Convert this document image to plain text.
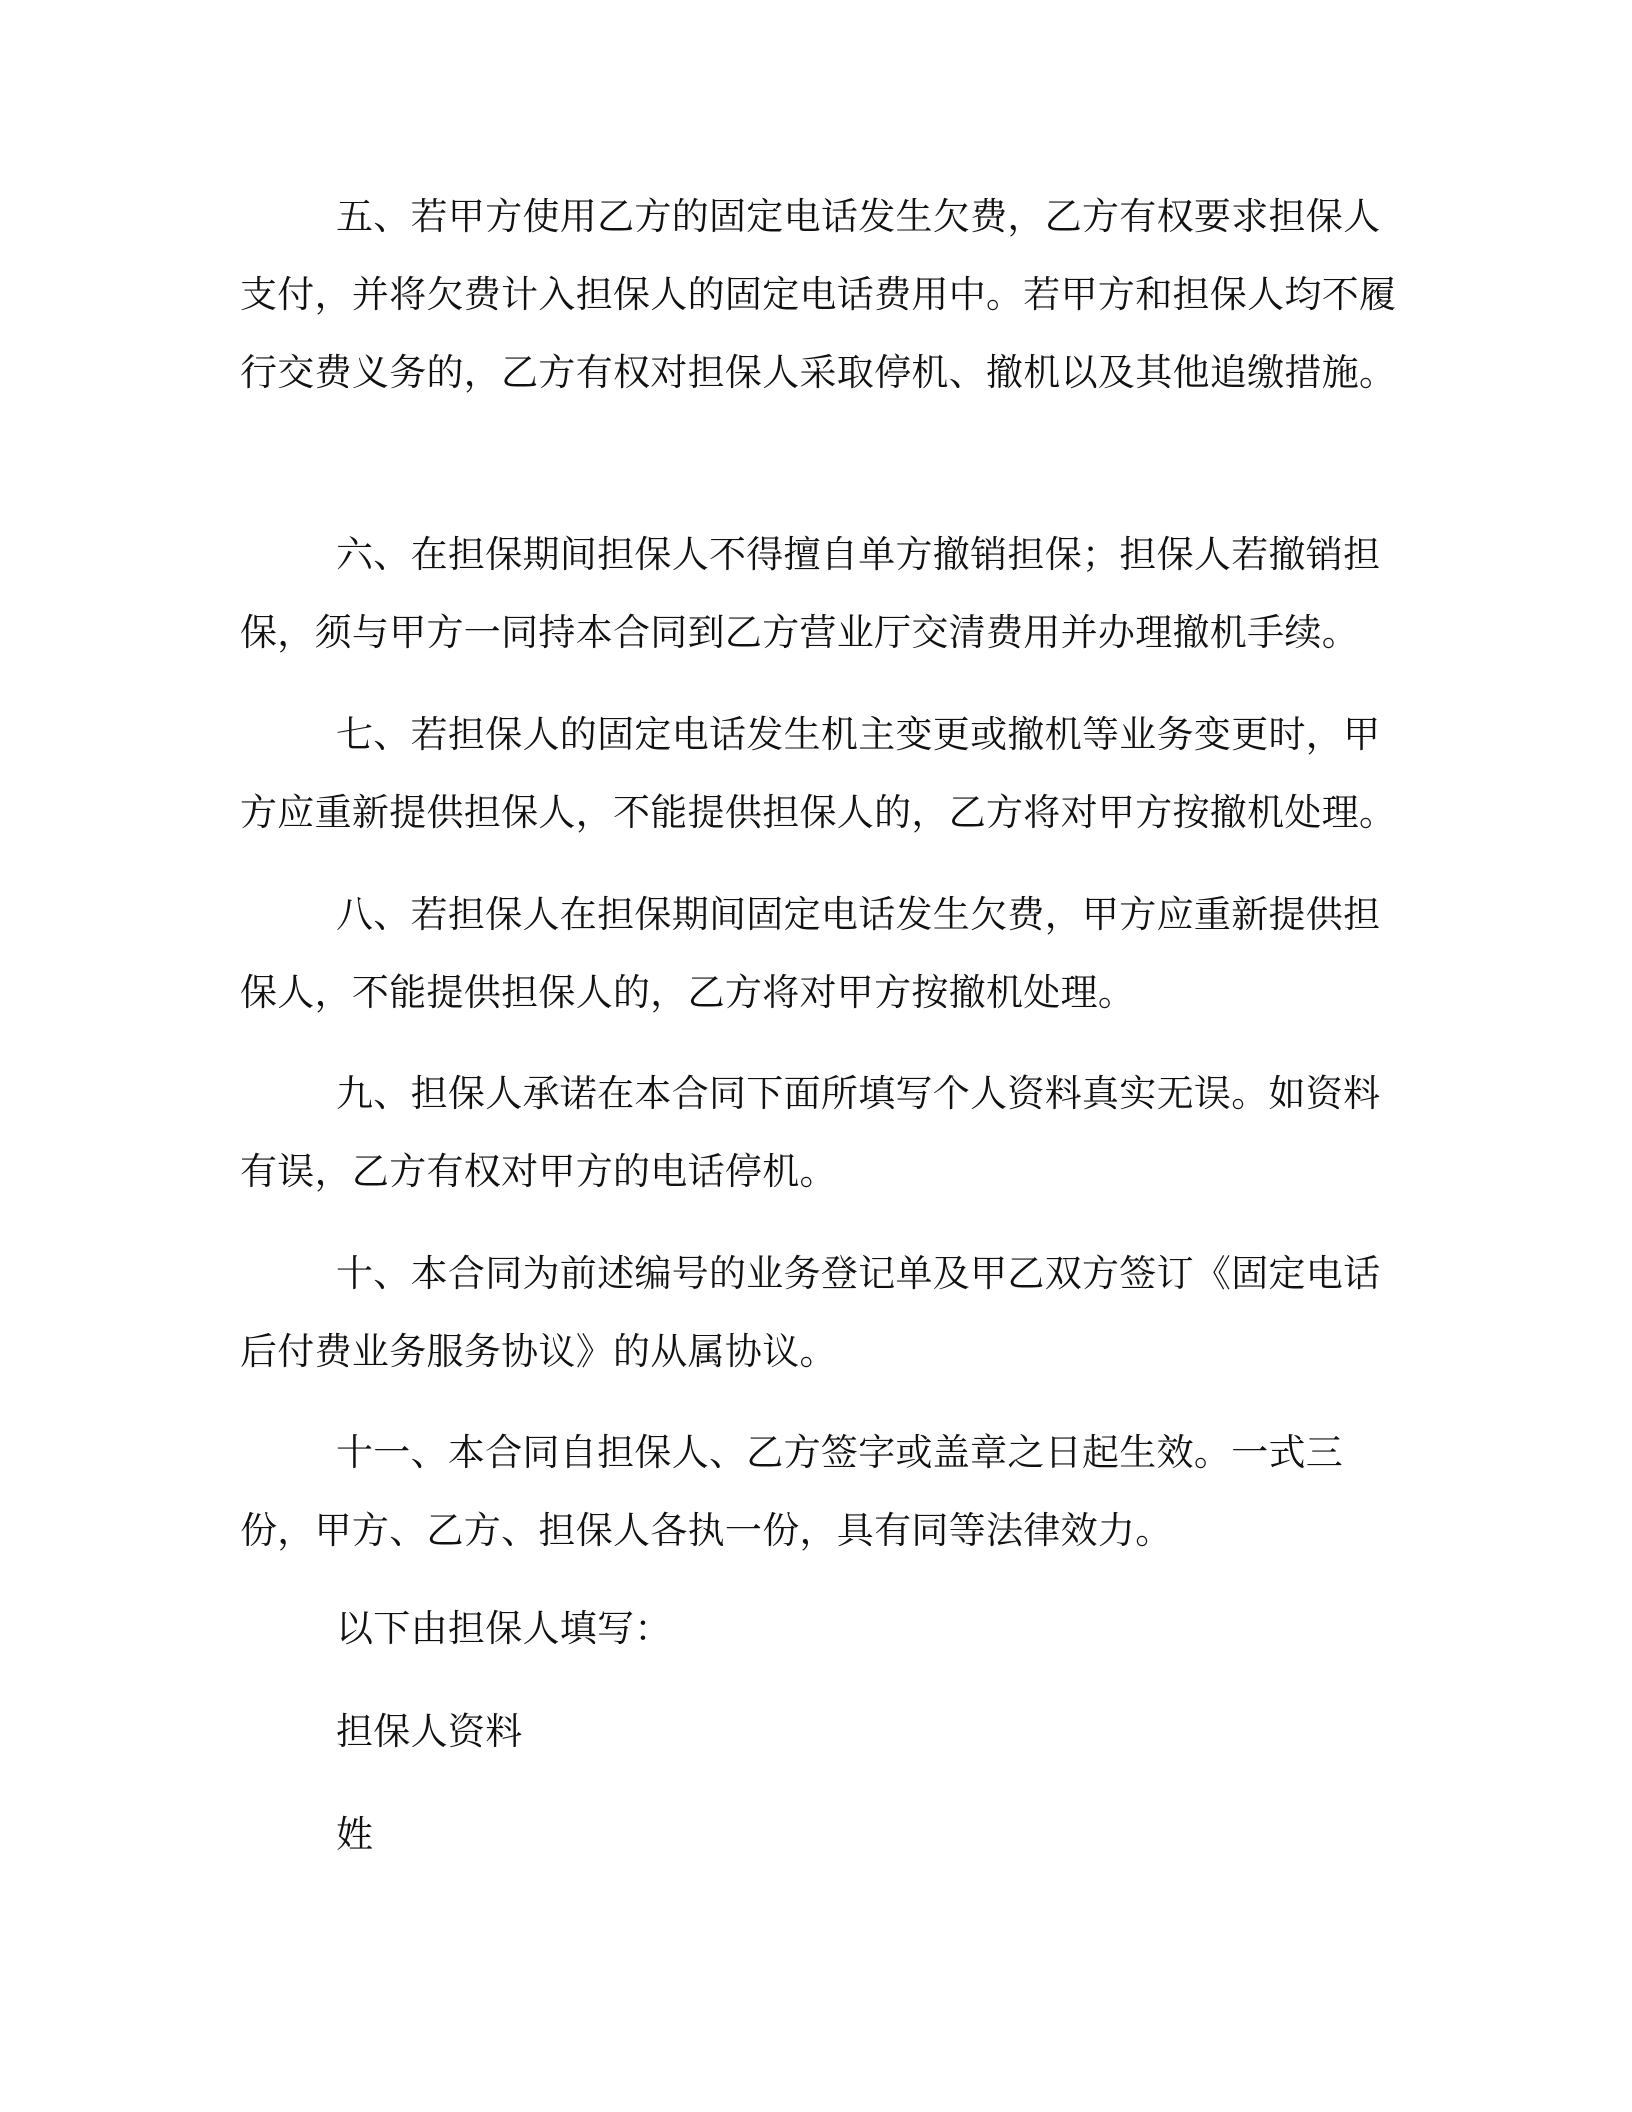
五、若甲方使用乙方的固定电话发生欠费，乙方有权要求担保人支付，并将欠费计入担保人的固定电话费用中。若甲方和担保人均不履行交费义务的，乙方有权对担保人采取停机、撤机以及其他追缴措施。

六、在担保期间担保人不得擅自单方撤销担保；担保人若撤销担保，须与甲方一同持本合同到乙方营业厅交清费用并办理撤机手续。

七、若担保人的固定电话发生机主变更或撤机等业务变更时，甲方应重新提供担保人，不能提供担保人的，乙方将对甲方按撤机处理。

八、若担保人在担保期间固定电话发生欠费，甲方应重新提供担保人，不能提供担保人的，乙方将对甲方按撤机处理。

九、担保人承诺在本合同下面所填写个人资料真实无误。如资料有误，乙方有权对甲方的电话停机。

十、本合同为前述编号的业务登记单及甲乙双方签订《固定电话后付费业务服务协议》的从属协议。

十一、本合同自担保人、乙方签字或盖章之日起生效。一式三份，甲方、乙方、担保人各执一份，具有同等法律效力。

以下由担保人填写：

担保人资料

姓
